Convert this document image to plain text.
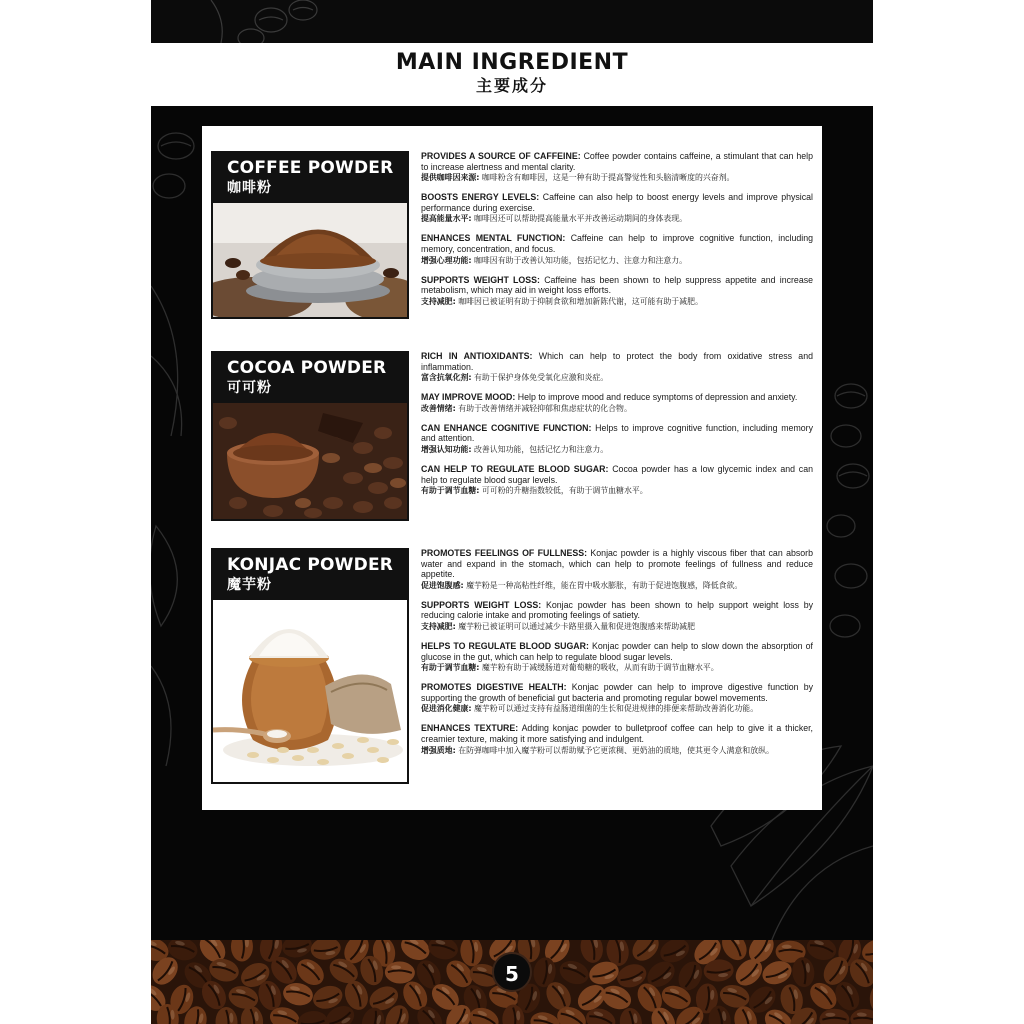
MAIN INGREDIENT
主要成分
COFFEE POWDER
咖啡粉
PROVIDES A SOURCE OF CAFFEINE: Coffee powder contains caffeine, a stimulant that can help to increase alertness and mental clarity.
提供咖啡因来源: 咖啡粉含有咖啡因，这是一种有助于提高警觉性和头脑清晰度的兴奋剂。
BOOSTS ENERGY LEVELS: Caffeine can also help to boost energy levels and improve physical performance during exercise.
提高能量水平: 咖啡因还可以帮助提高能量水平并改善运动期间的身体表现。
ENHANCES MENTAL FUNCTION: Caffeine can help to improve cognitive function, including memory, concentration, and focus.
增强心理功能: 咖啡因有助于改善认知功能，包括记忆力、注意力和注意力。
SUPPORTS WEIGHT LOSS: Caffeine has been shown to help suppress appetite and increase metabolism, which may aid in weight loss efforts.
支持减肥: 咖啡因已被证明有助于抑制食欲和增加新陈代谢，这可能有助于减肥。
COCOA POWDER
可可粉
RICH IN ANTIOXIDANTS: Which can help to protect the body from oxidative stress and inflammation.
富含抗氧化剂: 有助于保护身体免受氧化应激和炎症。
MAY IMPROVE MOOD: Help to improve mood and reduce symptoms of depression and anxiety.
改善情绪: 有助于改善情绪并减轻抑郁和焦虑症状的化合物。
CAN ENHANCE COGNITIVE FUNCTION: Helps to improve cognitive function, including memory and attention.
增强认知功能: 改善认知功能，包括记忆力和注意力。
CAN HELP TO REGULATE BLOOD SUGAR: Cocoa powder has a low glycemic index and can help to regulate blood sugar levels.
有助于调节血糖: 可可粉的升糖指数较低，有助于调节血糖水平。
KONJAC POWDER
魔芋粉
PROMOTES FEELINGS OF FULLNESS: Konjac powder is a highly viscous fiber that can absorb water and expand in the stomach, which can help to promote feelings of fullness and reduce appetite.
促进饱腹感: 魔芋粉是一种高粘性纤维，能在胃中吸水膨胀，有助于促进饱腹感，降低食欲。
SUPPORTS WEIGHT LOSS: Konjac powder has been shown to help support weight loss by reducing calorie intake and promoting feelings of satiety.
支持减肥: 魔芋粉已被证明可以通过减少卡路里摄入量和促进饱腹感来帮助减肥
HELPS TO REGULATE BLOOD SUGAR: Konjac powder can help to slow down the absorption of glucose in the gut, which can help to regulate blood sugar levels.
有助于调节血糖: 魔芋粉有助于减缓肠道对葡萄糖的吸收，从而有助于调节血糖水平。
PROMOTES DIGESTIVE HEALTH: Konjac powder can help to improve digestive function by supporting the growth of beneficial gut bacteria and promoting regular bowel movements.
促进消化健康: 魔芋粉可以通过支持有益肠道细菌的生长和促进规律的排便来帮助改善消化功能。
ENHANCES TEXTURE: Adding konjac powder to bulletproof coffee can help to give it a thicker, creamier texture, making it more satisfying and indulgent.
增强质地: 在防弹咖啡中加入魔芋粉可以帮助赋予它更浓稠、更奶油的质地，使其更令人满意和放纵。
5
